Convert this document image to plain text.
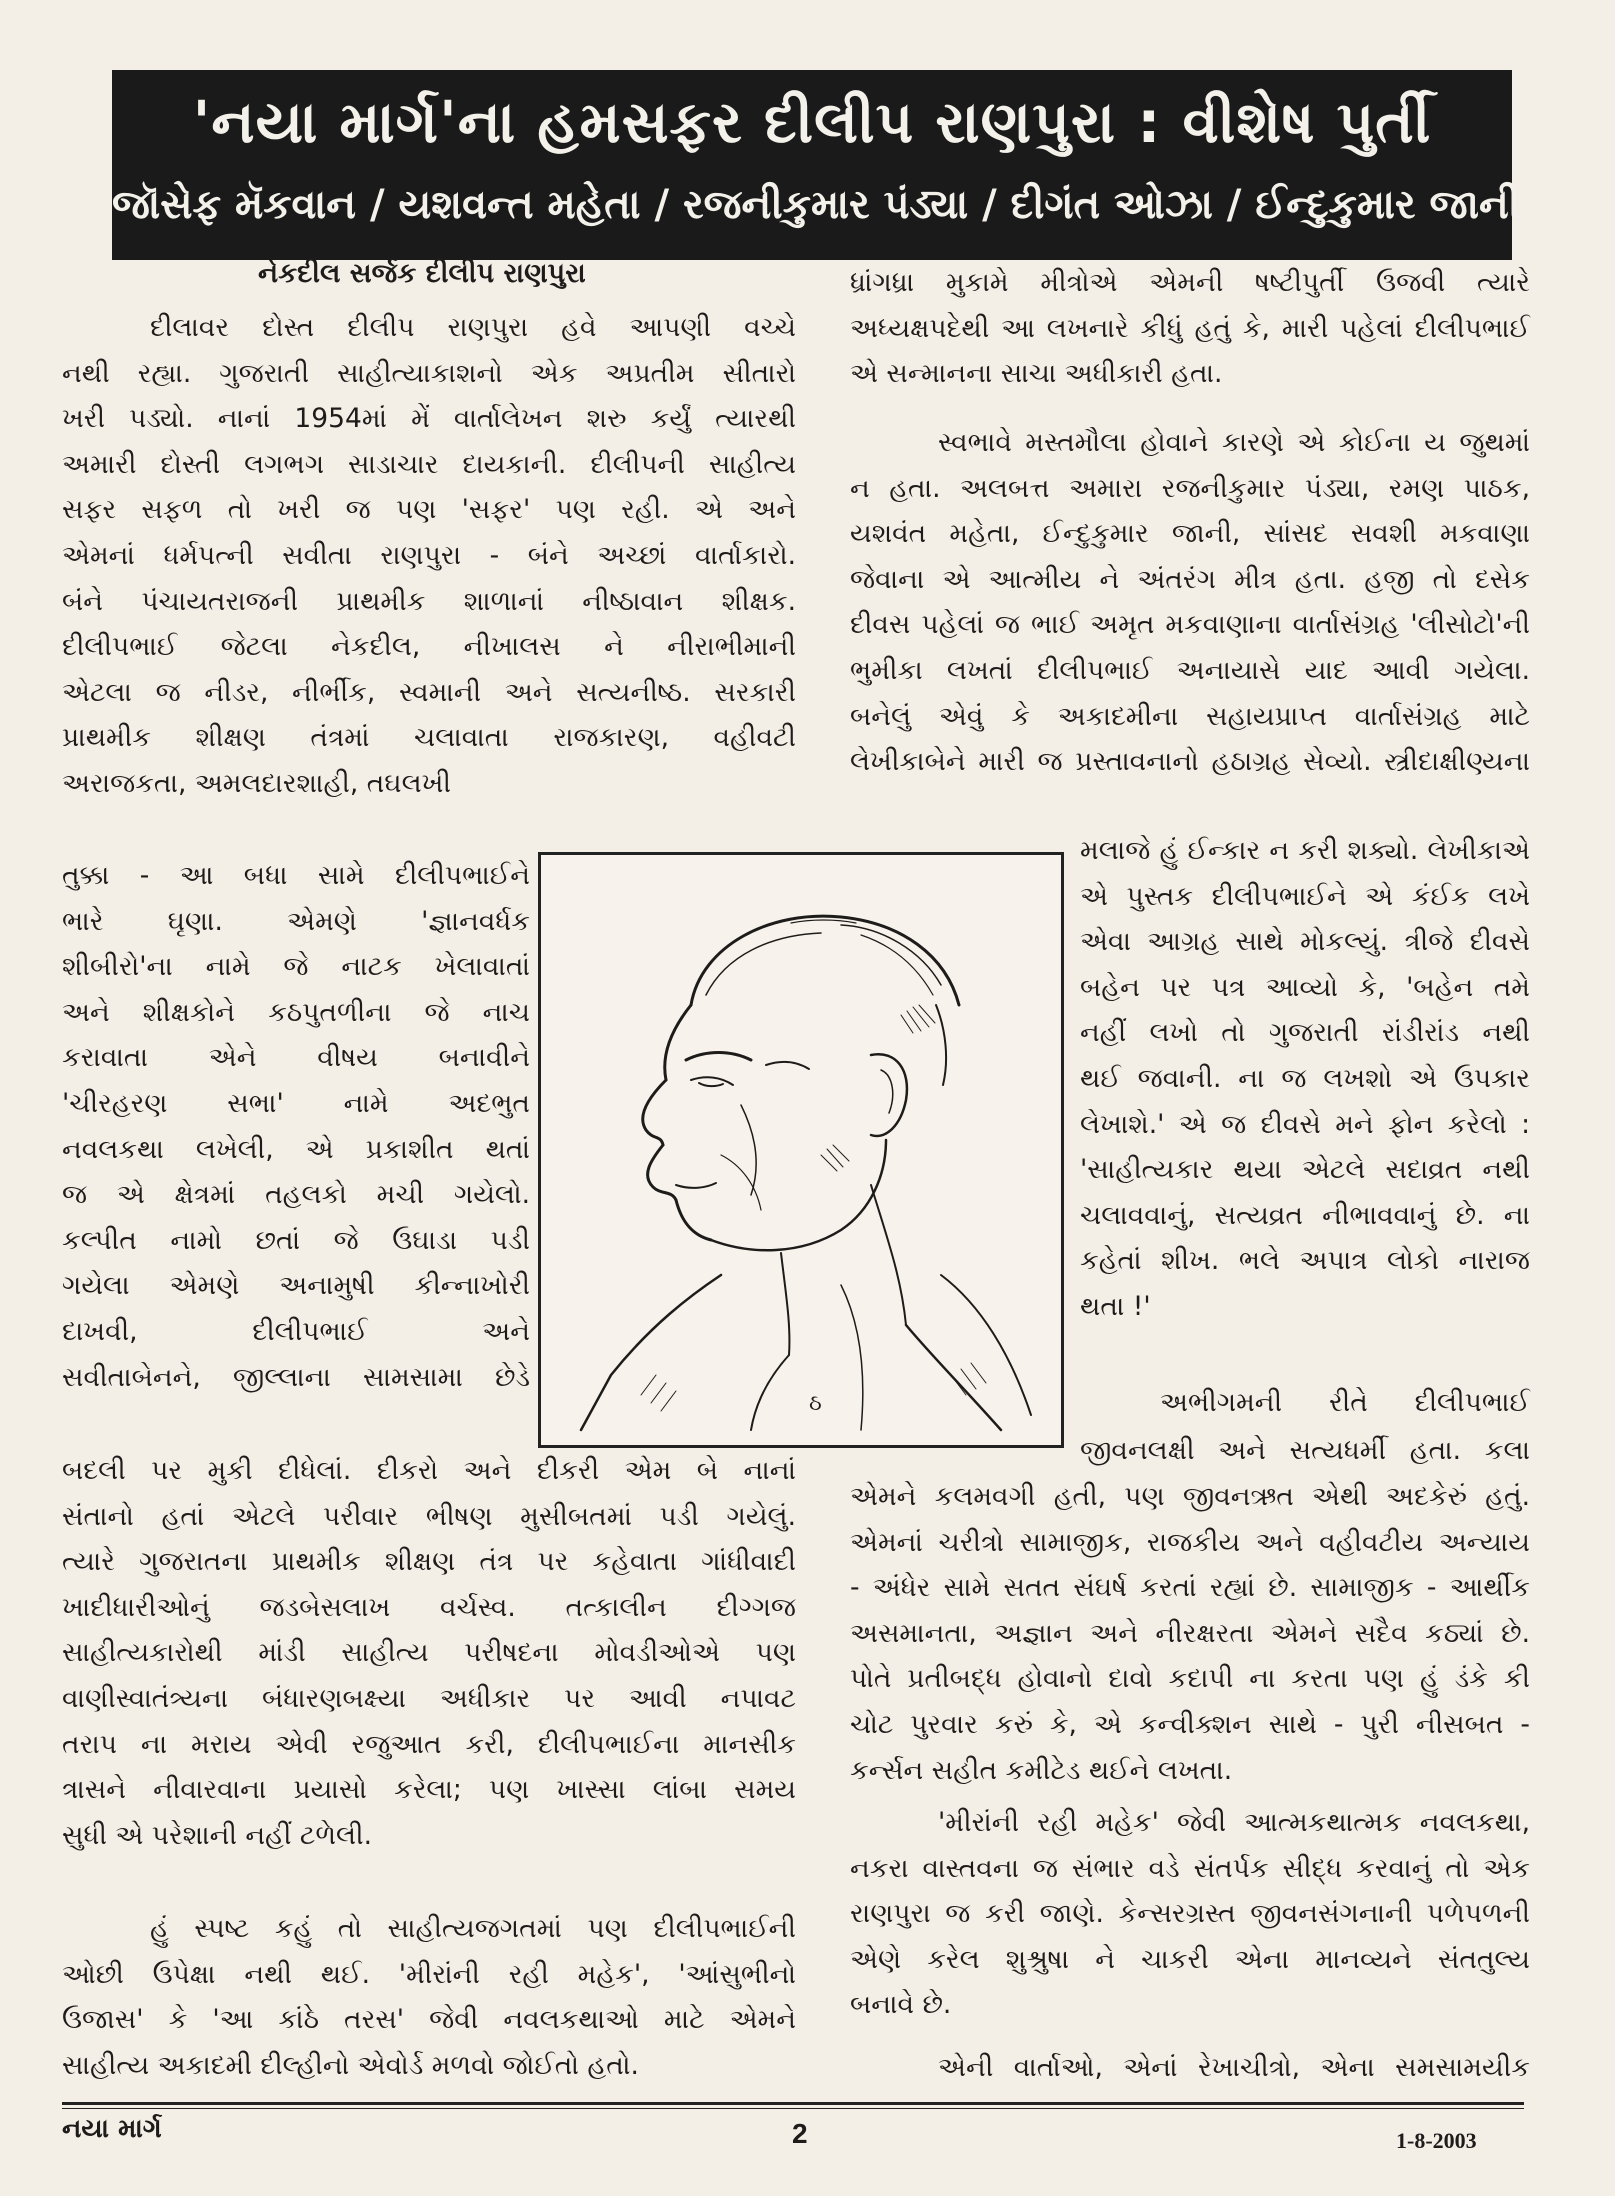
'નયા માર્ગ'ના હમસફર દીલીપ રાણપુરા : વીશેષ પુર્તી
જૉસેફ મૅકવાન / યશવન્ત મહેતા / રજનીકુમાર પંડ્યા / દીગંત ઓઝા / ઈન્દુકુમાર જાની
નેકદીલ સર્જક દીલીપ રાણપુરા

દીલાવર દોસ્ત દીલીપ રાણપુરા હવે આપણી વચ્ચે

નથી રહ્યા. ગુજરાતી સાહીત્યાકાશનો એક અપ્રતીમ સીતારો

ખરી પડ્યો. નાનાં 1954માં મેં વાર્તાલેખન શરુ કર્યું ત્યારથી

અમારી દોસ્તી લગભગ સાડાચાર દાયકાની. દીલીપની સાહીત્ય

સફર સફળ તો ખરી જ પણ 'સફર' પણ રહી. એ અને

એમનાં ધર્મપત્ની સવીતા રાણપુરા - બંને અચ્છાં વાર્તાકારો.

બંને પંચાયતરાજની પ્રાથમીક શાળાનાં નીષ્ઠાવાન શીક્ષક.

દીલીપભાઈ જેટલા નેકદીલ, નીખાલસ ને નીરાભીમાની

એટલા જ નીડર, નીર્ભીક, સ્વમાની અને સત્યનીષ્ઠ. સરકારી

પ્રાથમીક શીક્ષણ તંત્રમાં ચલાવાતા રાજકારણ, વહીવટી

અરાજકતા, અમલદારશાહી, તઘલખી

તુક્કા - આ બધા સામે દીલીપભાઈને

ભારે ઘૃણા. એમણે 'જ્ઞાનવર્ધક

શીબીરો'ના નામે જે નાટક ખેલાવાતાં

અને શીક્ષકોને કઠપુતળીના જે નાચ

કરાવાતા એને વીષય બનાવીને

'ચીરહરણ સભા' નામે અદભુત

નવલકથા લખેલી, એ પ્રકાશીત થતાં

જ એ ક્ષેત્રમાં તહલકો મચી ગયેલો.

કલ્પીત નામો છતાં જે ઉઘાડા પડી

ગયેલા એમણે અનામુષી કીન્નાખોરી

દાખવી, દીલીપભાઈ અને

સવીતાબેનને, જીલ્લાના સામસામા છેડે

બદલી પર મુકી દીધેલાં. દીકરો અને દીકરી એમ બે નાનાં

સંતાનો હતાં એટલે પરીવાર ભીષણ મુસીબતમાં પડી ગયેલું.

ત્યારે ગુજરાતના પ્રાથમીક શીક્ષણ તંત્ર પર કહેવાતા ગાંધીવાદી

ખાદીધારીઓનું જડબેસલાખ વર્ચસ્વ. તત્કાલીન દીગ્ગજ

સાહીત્યકારોથી માંડી સાહીત્ય પરીષદના મોવડીઓએ પણ

વાણીસ્વાતંત્ર્યના બંધારણબક્ષ્યા અધીકાર પર આવી નપાવટ

તરાપ ના મરાય એવી રજુઆત કરી, દીલીપભાઈના માનસીક

ત્રાસને નીવારવાના પ્રયાસો કરેલા; પણ ખાસ્સા લાંબા સમય

સુધી એ પરેશાની નહીં ટળેલી.

હું સ્પષ્ટ કહું તો સાહીત્યજગતમાં પણ દીલીપભાઈની

ઓછી ઉપેક્ષા નથી થઈ. 'મીરાંની રહી મહેક', 'આંસુભીનો

ઉજાસ' કે 'આ કાંઠે તરસ' જેવી નવલકથાઓ માટે એમને

સાહીત્ય અકાદમી દીલ્હીનો એવોર્ડ મળવો જોઈતો હતો.

ઠ

ધ્રાંગધ્રા મુકામે મીત્રોએ એમની ષષ્ટીપુર્તી ઉજવી ત્યારે

અધ્યક્ષપદેથી આ લખનારે કીધું હતું કે, મારી પહેલાં દીલીપભાઈ

એ સન્માનના સાચા અધીકારી હતા.

સ્વભાવે મસ્તમૌલા હોવાને કારણે એ કોઈના ય જુથમાં

ન હતા. અલબત્ત અમારા રજનીકુમાર પંડ્યા, રમણ પાઠક,

યશવંત મહેતા, ઈન્દુકુમાર જાની, સાંસદ સવશી મકવાણા

જેવાના એ આત્મીય ને અંતરંગ મીત્ર હતા. હજી તો દસેક

દીવસ પહેલાં જ ભાઈ અમૃત મકવાણાના વાર્તાસંગ્રહ 'લીસોટો'ની

ભુમીકા લખતાં દીલીપભાઈ અનાયાસે યાદ આવી ગયેલા.

બનેલું એવું કે અકાદમીના સહાયપ્રાપ્ત વાર્તાસંગ્રહ માટે

લેખીકાબેને મારી જ પ્રસ્તાવનાનો હઠાગ્રહ સેવ્યો. સ્ત્રીદાક્ષીણ્યના

મલાજે હું ઈન્કાર ન કરી શક્યો. લેખીકાએ

એ પુસ્તક દીલીપભાઈને એ કંઈક લખે

એવા આગ્રહ સાથે મોકલ્યું. ત્રીજે દીવસે

બહેન પર પત્ર આવ્યો કે, 'બહેન તમે

નહીં લખો તો ગુજરાતી રાંડીરાંડ નથી

થઈ જવાની. ના જ લખશો એ ઉપકાર

લેખાશે.' એ જ દીવસે મને ફોન કરેલો :

'સાહીત્યકાર થયા એટલે સદાવ્રત નથી

ચલાવવાનું, સત્યવ્રત નીભાવવાનું છે. ના

કહેતાં શીખ. ભલે અપાત્ર લોકો નારાજ

થતા !'

અભીગમની રીતે દીલીપભાઈ

જીવનલક્ષી અને સત્યધર્મી હતા. કલા

એમને કલમવગી હતી, પણ જીવનઋત એથી અદકેરું હતું.

એમનાં ચરીત્રો સામાજીક, રાજકીય અને વહીવટીય અન્યાય

- અંધેર સામે સતત સંઘર્ષ કરતાં રહ્યાં છે. સામાજીક - આર્થીક

અસમાનતા, અજ્ઞાન અને નીરક્ષરતા એમને સદૈવ કઠ્યાં છે.

પોતે પ્રતીબદ્ધ હોવાનો દાવો કદાપી ના કરતા પણ હું ડંકે કી

ચોટ પુરવાર કરું કે, એ કન્વીક્શન સાથે - પુરી નીસબત -

કર્ન્સન સહીત કમીટેડ થઈને લખતા.

'મીરાંની રહી મહેક' જેવી આત્મકથાત્મક નવલકથા,

નકરા વાસ્તવના જ સંભાર વડે સંતર્પક સીદ્ધ કરવાનું તો એક

રાણપુરા જ કરી જાણે. કેન્સરગ્રસ્ત જીવનસંગનાની પળેપળની

એણે કરેલ શુશ્રુષા ને ચાકરી એના માનવ્યને સંતતુલ્ય

બનાવે છે.

એની વાર્તાઓ, એનાં રેખાચીત્રો, એના સમસામયીક

નયા માર્ગ	2	1-8-2003
